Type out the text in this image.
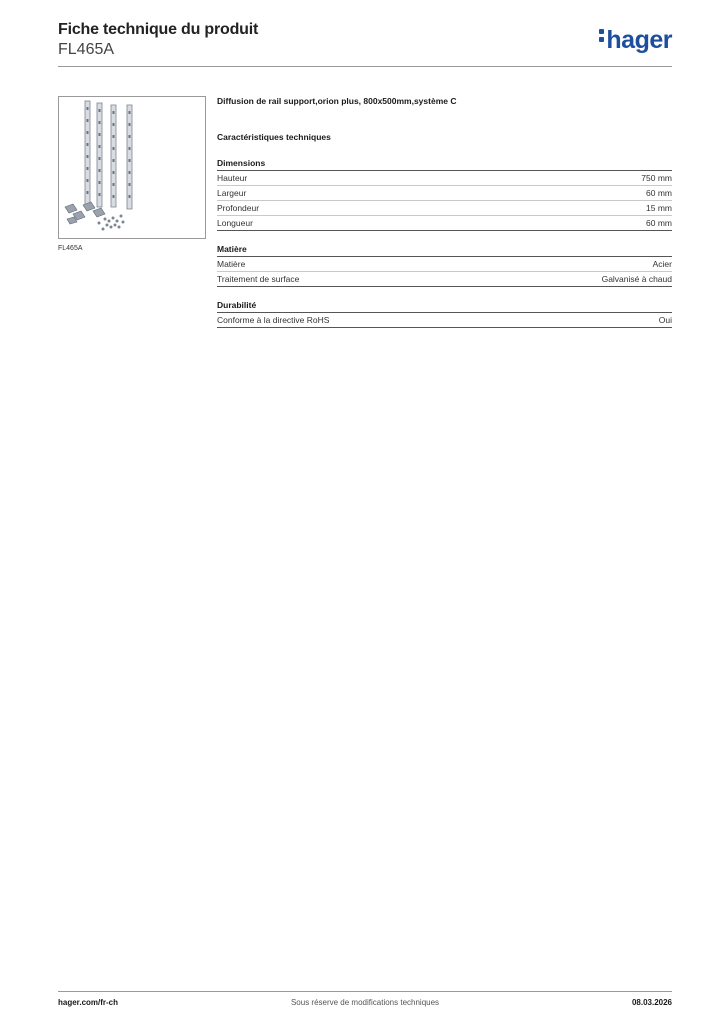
Fiche technique du produit

FL465A	hager
FL465A

Diffusion de rail support,orion plus, 800x500mm,système C

Caractéristiques techniques

Dimensions
Hauteur	750 mm
Largeur	60 mm
Profondeur	15 mm
Longueur	60 mm
Matière
Matière	Acier
Traitement de surface	Galvanisé à chaud
Durabilité
Conforme à la directive RoHS	Oui
hager.com/fr-ch	Sous réserve de modifications techniques	08.03.2026
